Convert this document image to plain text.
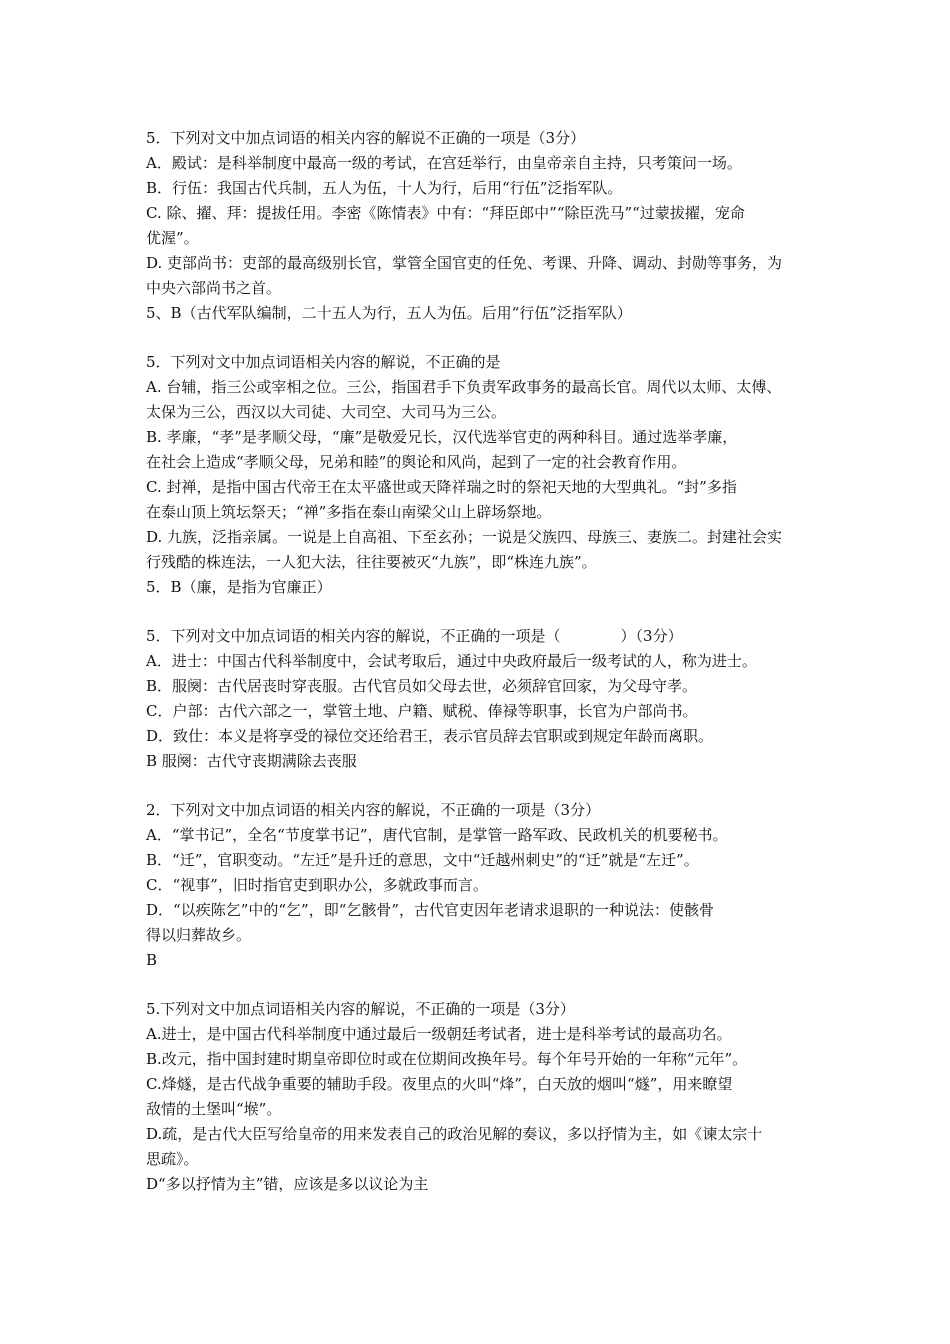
5．下列对文中加点词语的相关内容的解说不正确的一项是（3分）
A．殿试：是科举制度中最高一级的考试，在宫廷举行，由皇帝亲自主持，只考策问一场。
B．行伍：我国古代兵制，五人为伍，十人为行，后用“行伍”泛指军队。
C. 除、擢、拜：提拔任用。李密《陈情表》中有：“拜臣郎中”“除臣洗马”“过蒙拔擢，宠命
优渥”。
D. 吏部尚书：吏部的最高级别长官，掌管全国官吏的任免、考课、升降、调动、封勋等事务，为
中央六部尚书之首。
5、B（古代军队编制，二十五人为行，五人为伍。后用“行伍”泛指军队）
5．下列对文中加点词语相关内容的解说，不正确的是
A. 台辅，指三公或宰相之位。三公，指国君手下负责军政事务的最高长官。周代以太师、太傅、
太保为三公，西汉以大司徒、大司空、大司马为三公。
B. 孝廉，“孝”是孝顺父母，“廉”是敬爱兄长，汉代选举官吏的两种科目。通过选举孝廉，
在社会上造成“孝顺父母，兄弟和睦”的舆论和风尚，起到了一定的社会教育作用。
C. 封禅，是指中国古代帝王在太平盛世或天降祥瑞之时的祭祀天地的大型典礼。“封”多指
在泰山顶上筑坛祭天；“禅”多指在泰山南梁父山上辟场祭地。
D. 九族，泛指亲属。一说是上自高祖、下至玄孙；一说是父族四、母族三、妻族二。封建社会实
行残酷的株连法，一人犯大法，往往要被灭“九族”，即“株连九族”。
5．B（廉，是指为官廉正）
5．下列对文中加点词语的相关内容的解说，不正确的一项是（　　　　）（3分）
A．进士：中国古代科举制度中，会试考取后，通过中央政府最后一级考试的人，称为进士。
B．服阕：古代居丧时穿丧服。古代官员如父母去世，必须辞官回家，为父母守孝。
C．户部：古代六部之一，掌管土地、户籍、赋税、俸禄等职事，长官为户部尚书。
D．致仕：本义是将享受的禄位交还给君王，表示官员辞去官职或到规定年龄而离职。
B 服阕：古代守丧期满除去丧服
2．下列对文中加点词语的相关内容的解说，不正确的一项是（3分）
A．“掌书记”，全名“节度掌书记”，唐代官制，是掌管一路军政、民政机关的机要秘书。
B．“迁”，官职变动。“左迁”是升迁的意思，文中“迁越州刺史”的“迁”就是“左迁”。
C．“视事”，旧时指官吏到职办公，多就政事而言。
D．“以疾陈乞”中的“乞”，即“乞骸骨”，古代官吏因年老请求退职的一种说法：使骸骨
得以归葬故乡。
B
5.下列对文中加点词语相关内容的解说，不正确的一项是（3分）
A.进士，是中国古代科举制度中通过最后一级朝廷考试者，进士是科举考试的最高功名。
B.改元，指中国封建时期皇帝即位时或在位期间改换年号。每个年号开始的一年称“元年”。
C.烽燧，是古代战争重要的辅助手段。夜里点的火叫“烽”，白天放的烟叫“燧”，用来瞭望
敌情的土堡叫“堠”。
D.疏，是古代大臣写给皇帝的用来发表自己的政治见解的奏议，多以抒情为主，如《谏太宗十
思疏》。
D“多以抒情为主”错，应该是多以议论为主
